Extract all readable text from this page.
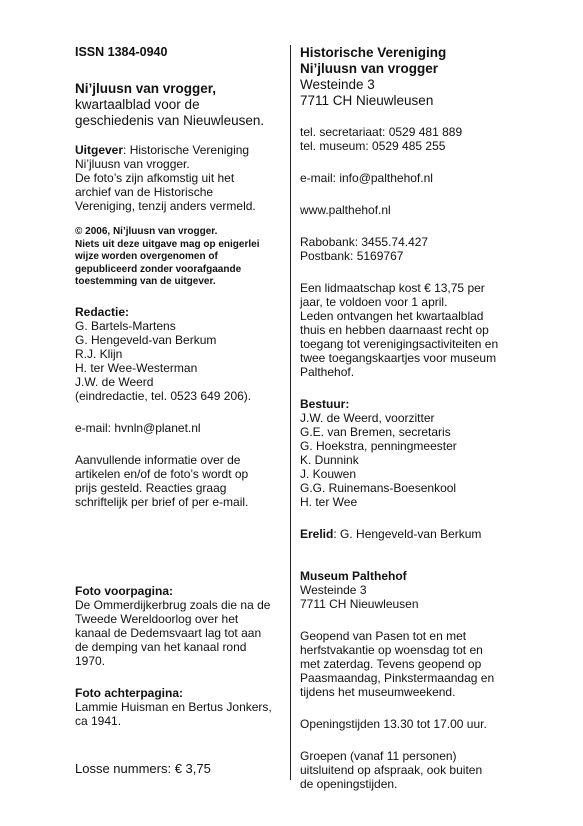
ISSN 1384-0940

Ni’jluusn van vrogger,
kwartaalblad voor de
geschiedenis van Nieuwleusen.
Uitgever: Historische Vereniging
Ni’jluusn van vrogger.
De foto’s zijn afkomstig uit het
archief van de Historische
Vereniging, tenzij anders vermeld.
© 2006, Ni’jluusn van vrogger.
Niets uit deze uitgave mag op enigerlei
wijze worden overgenomen of
gepubliceerd zonder voorafgaande
toestemming van de uitgever.
Redactie:
G. Bartels-Martens
G. Hengeveld-van Berkum
R.J. Klijn
H. ter Wee-Westerman
J.W. de Weerd
(eindredactie, tel. 0523 649 206).

e-mail: hvnln@planet.nl

Aanvullende informatie over de
artikelen en/of de foto’s wordt op
prijs gesteld. Reacties graag
schriftelijk per brief of per e-mail.
Foto voorpagina:
De Ommerdijkerbrug zoals die na de
Tweede Wereldoorlog over het
kanaal de Dedemsvaart lag tot aan
de demping van het kanaal rond
1970.
Foto achterpagina:
Lammie Huisman en Bertus Jonkers,
ca 1941.

Losse nummers: € 3,75

Historische Vereniging
Ni’jluusn van vrogger
Westeinde 3
7711 CH Nieuwleusen
tel. secretariaat: 0529 481 889
tel. museum: 0529 485 255

e-mail: info@palthehof.nl

www.palthehof.nl

Rabobank: 3455.74.427
Postbank: 5169767
Een lidmaatschap kost € 13,75 per
jaar, te voldoen voor 1 april.
Leden ontvangen het kwartaalblad
thuis en hebben daarnaast recht op
toegang tot verenigingsactiviteiten en
twee toegangskaartjes voor museum
Palthehof.
Bestuur:
J.W. de Weerd, voorzitter
G.E. van Bremen, secretaris
G. Hoekstra, penningmeester
K. Dunnink
J. Kouwen
G.G. Ruinemans-Boesenkool
H. ter Wee

Erelid: G. Hengeveld-van Berkum

Museum Palthehof
Westeinde 3
7711 CH Nieuwleusen
Geopend van Pasen tot en met
herfstvakantie op woensdag tot en
met zaterdag. Tevens geopend op
Paasmaandag, Pinkstermaandag en
tijdens het museumweekend.

Openingstijden 13.30 tot 17.00 uur.

Groepen (vanaf 11 personen)
uitsluitend op afspraak, ook buiten
de openingstijden.
